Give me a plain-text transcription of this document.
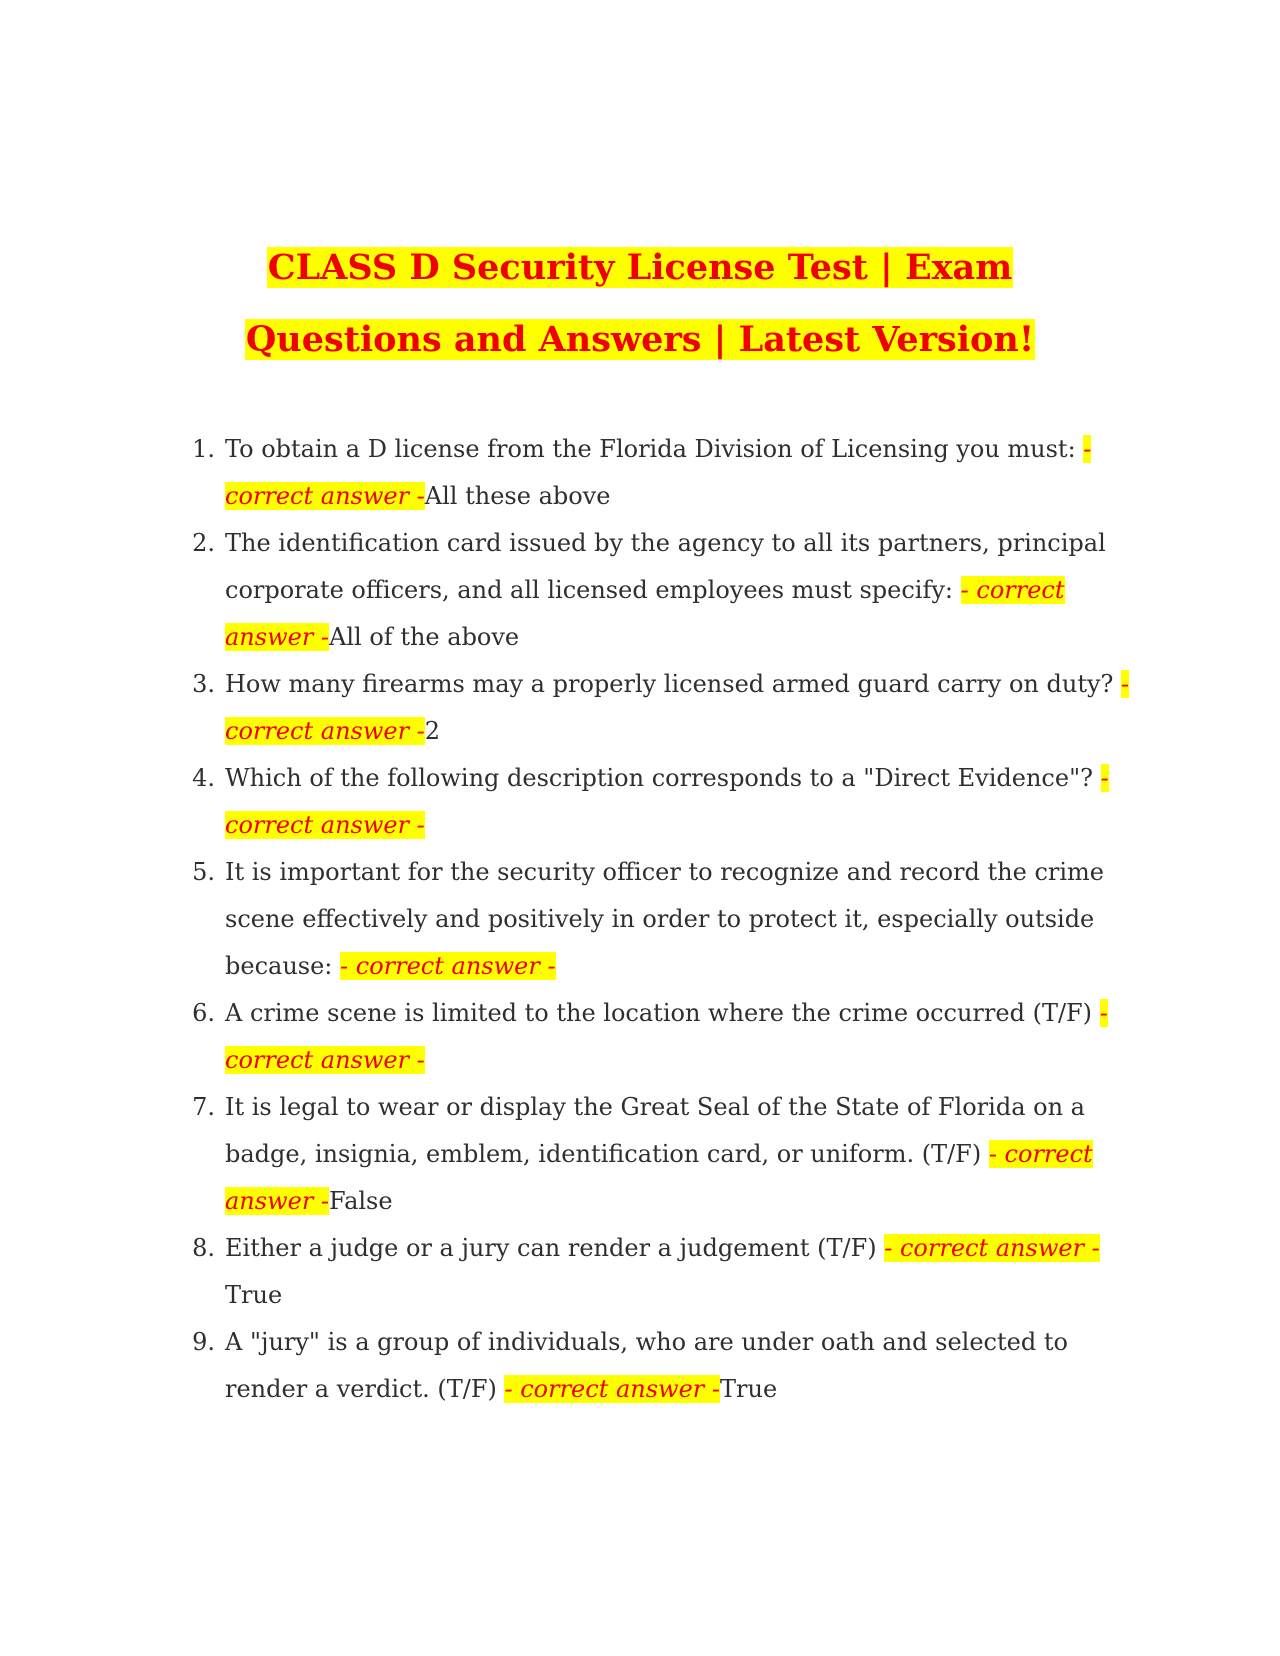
CLASS D Security License Test | Exam
Questions and Answers | Latest Version!
1. To obtain a D license from the Florida Division of Licensing you must: - correct answer -All these above
2. The identification card issued by the agency to all its partners, principal corporate officers, and all licensed employees must specify: - correct answer -All of the above
3. How many firearms may a properly licensed armed guard carry on duty? - correct answer -2
4. Which of the following description corresponds to a "Direct Evidence"? - correct answer -
5. It is important for the security officer to recognize and record the crime scene effectively and positively in order to protect it, especially outside because: - correct answer -
6. A crime scene is limited to the location where the crime occurred (T/F) - correct answer -
7. It is legal to wear or display the Great Seal of the State of Florida on a badge, insignia, emblem, identification card, or uniform. (T/F) - correct answer -False
8. Either a judge or a jury can render a judgement (T/F) - correct answer -True
9. A "jury" is a group of individuals, who are under oath and selected to render a verdict. (T/F) - correct answer -True
